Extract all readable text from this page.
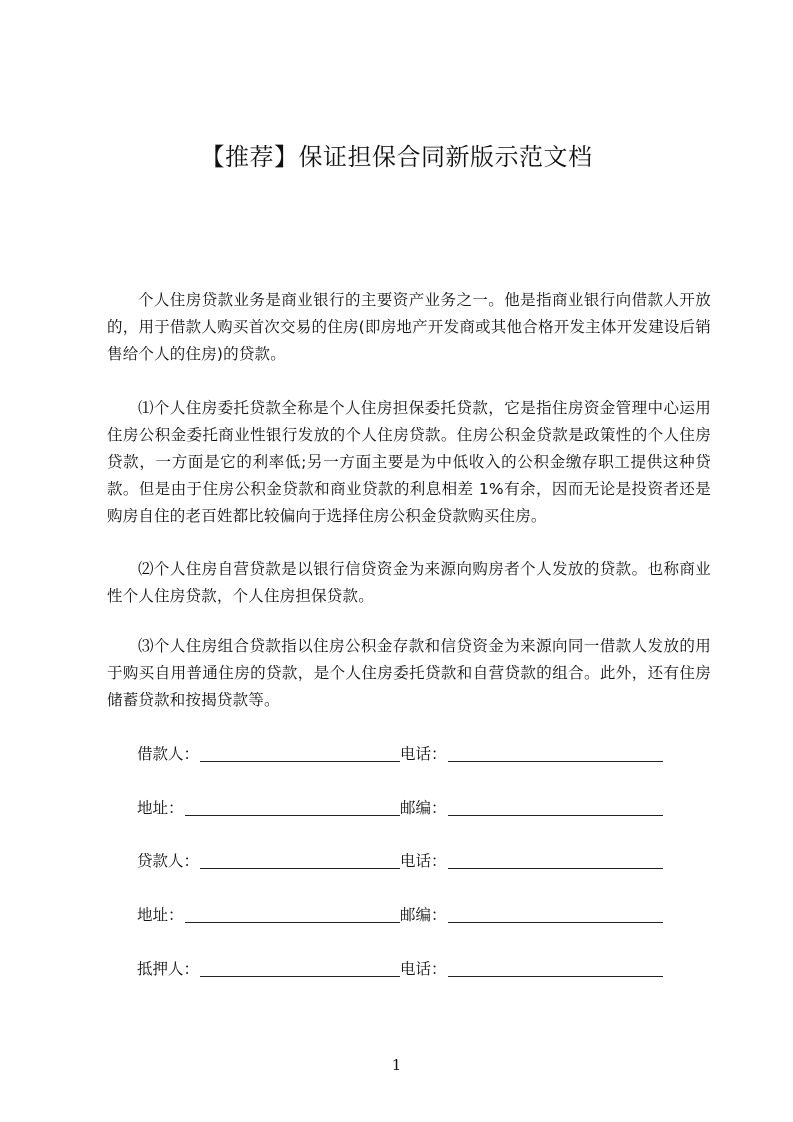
【推荐】保证担保合同新版示范文档
个人住房贷款业务是商业银行的主要资产业务之一。他是指商业银行向借款人开放的，用于借款人购买首次交易的住房(即房地产开发商或其他合格开发主体开发建设后销售给个人的住房)的贷款。
⑴个人住房委托贷款全称是个人住房担保委托贷款，它是指住房资金管理中心运用住房公积金委托商业性银行发放的个人住房贷款。住房公积金贷款是政策性的个人住房贷款，一方面是它的利率低;另一方面主要是为中低收入的公积金缴存职工提供这种贷款。但是由于住房公积金贷款和商业贷款的利息相差 1%有余，因而无论是投资者还是购房自住的老百姓都比较偏向于选择住房公积金贷款购买住房。
⑵个人住房自营贷款是以银行信贷资金为来源向购房者个人发放的贷款。也称商业性个人住房贷款，个人住房担保贷款。
⑶个人住房组合贷款指以住房公积金存款和信贷资金为来源向同一借款人发放的用于购买自用普通住房的贷款，是个人住房委托贷款和自营贷款的组合。此外，还有住房储蓄贷款和按揭贷款等。
借款人：	电话：
地址：	邮编：
贷款人：	电话：
地址：	邮编：
抵押人：	电话：
1
